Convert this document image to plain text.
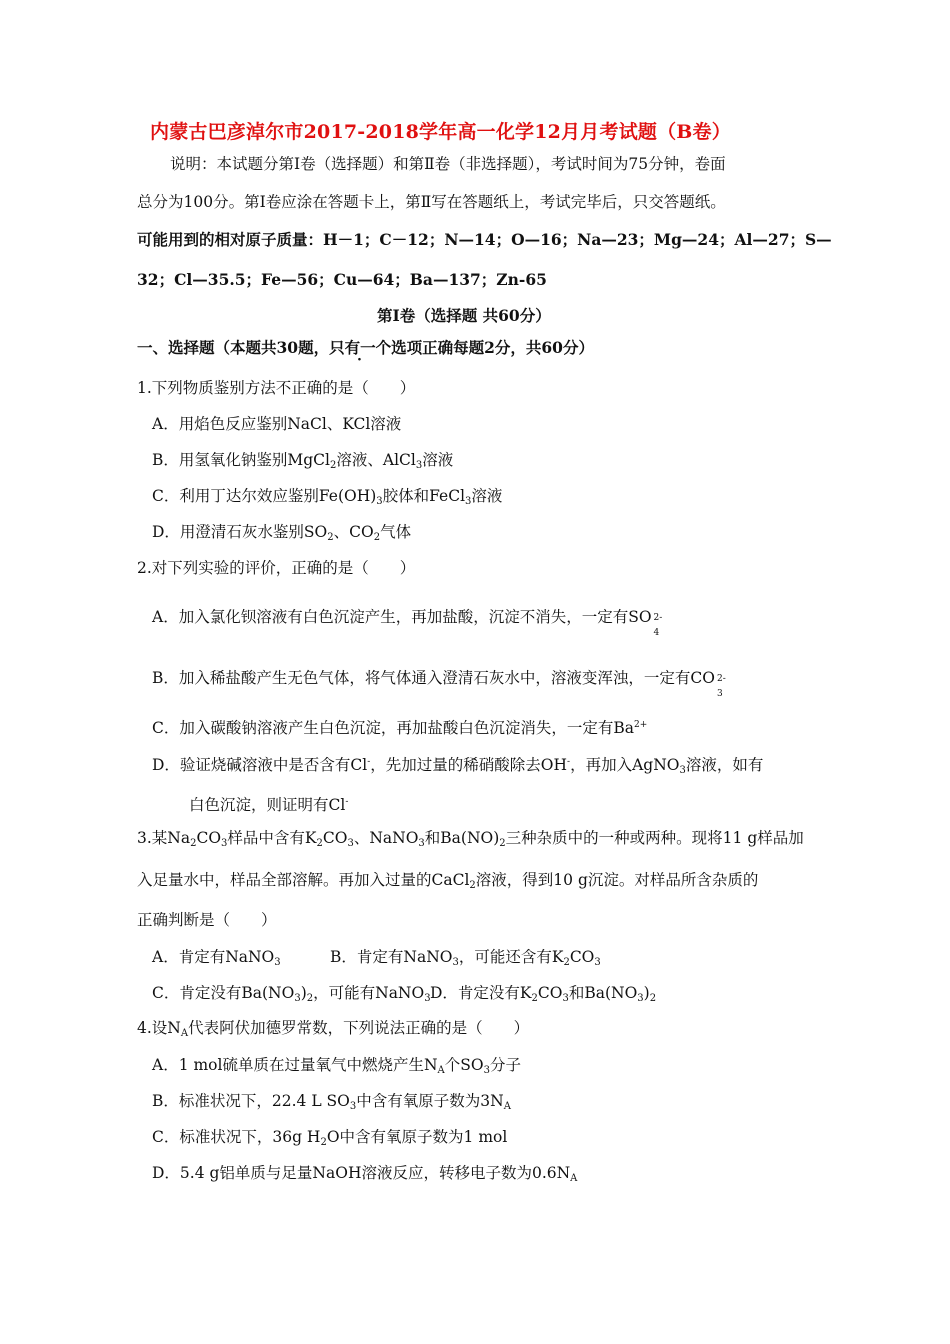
内蒙古巴彦淖尔市2017-2018学年高一化学12月月考试题（B卷）
说明：本试题分第Ⅰ卷（选择题）和第Ⅱ卷（非选择题），考试时间为75分钟，卷面
总分为100分。第Ⅰ卷应涂在答题卡上，第Ⅱ写在答题纸上，考试完毕后，只交答题纸。
可能用到的相对原子质量：H－1；C－12；N—14；O—16；Na—23；Mg—24；Al—27；S—
32；Cl—35.5；Fe—56；Cu—64；Ba—137；Zn-65
第Ⅰ卷（选择题 共60分）
一、选择题（本题共30题，只有一个选项正确每题2分，共60分）
1.下列物质鉴别方法不正确的是（　　）
A．用焰色反应鉴别NaCl、KCl溶液
B．用氢氧化钠鉴别MgCl$_2$溶液、AlCl$_3$溶液
C．利用丁达尔效应鉴别$Fe(OH)_3$胶体和FeCl$_3$溶液
D．用澄清石灰水鉴别$SO_2$、$CO_2$气体
2.对下列实验的评价，正确的是（　　）
A．加入氯化钡溶液有白色沉淀产生，再加盐酸，沉淀不消失，一定有SO 2-
4
B．加入稀盐酸产生无色气体，将气体通入澄清石灰水中，溶液变浑浊，一定有CO 2-
3
C．加入碳酸钠溶液产生白色沉淀，再加盐酸白色沉淀消失，一定有$Ba^{2+}$
D．验证烧碱溶液中是否含有Cl-，先加过量的稀硝酸除去OH-，再加入AgNO$_3$溶液，如有
白色沉淀，则证明有Cl-
3.某$Na_2CO_3$样品中含有$K_2CO_3$、NaNO$_3$和$Ba(NO)_2$三种杂质中的一种或两种。现将11 g样品加
入足量水中，样品全部溶解。再加入过量的CaCl$_2$溶液，得到10 g沉淀。对样品所含杂质的
正确判断是（　　）
A．肯定有NaNO$_3$	B．肯定有NaNO$_3$，可能还含有$K_2CO_3$
C．肯定没有$Ba(NO_3)_2$，可能有NaNO$_3$ D．肯定没有$K_2CO_3$和$Ba(NO_3)_2$
4.设$N_A$代表阿伏加德罗常数，下列说法正确的是（　　）
A．1 mol硫单质在过量氧气中燃烧产生$N_A$个$SO_3$分子
B．标准状况下，22.4 L $SO_3$中含有氧原子数为$3N_A$
C．标准状况下，36g $H_2O$中含有氧原子数为1 mol
D．5.4 g铝单质与足量NaOH溶液反应，转移电子数为$0.6N_A$
